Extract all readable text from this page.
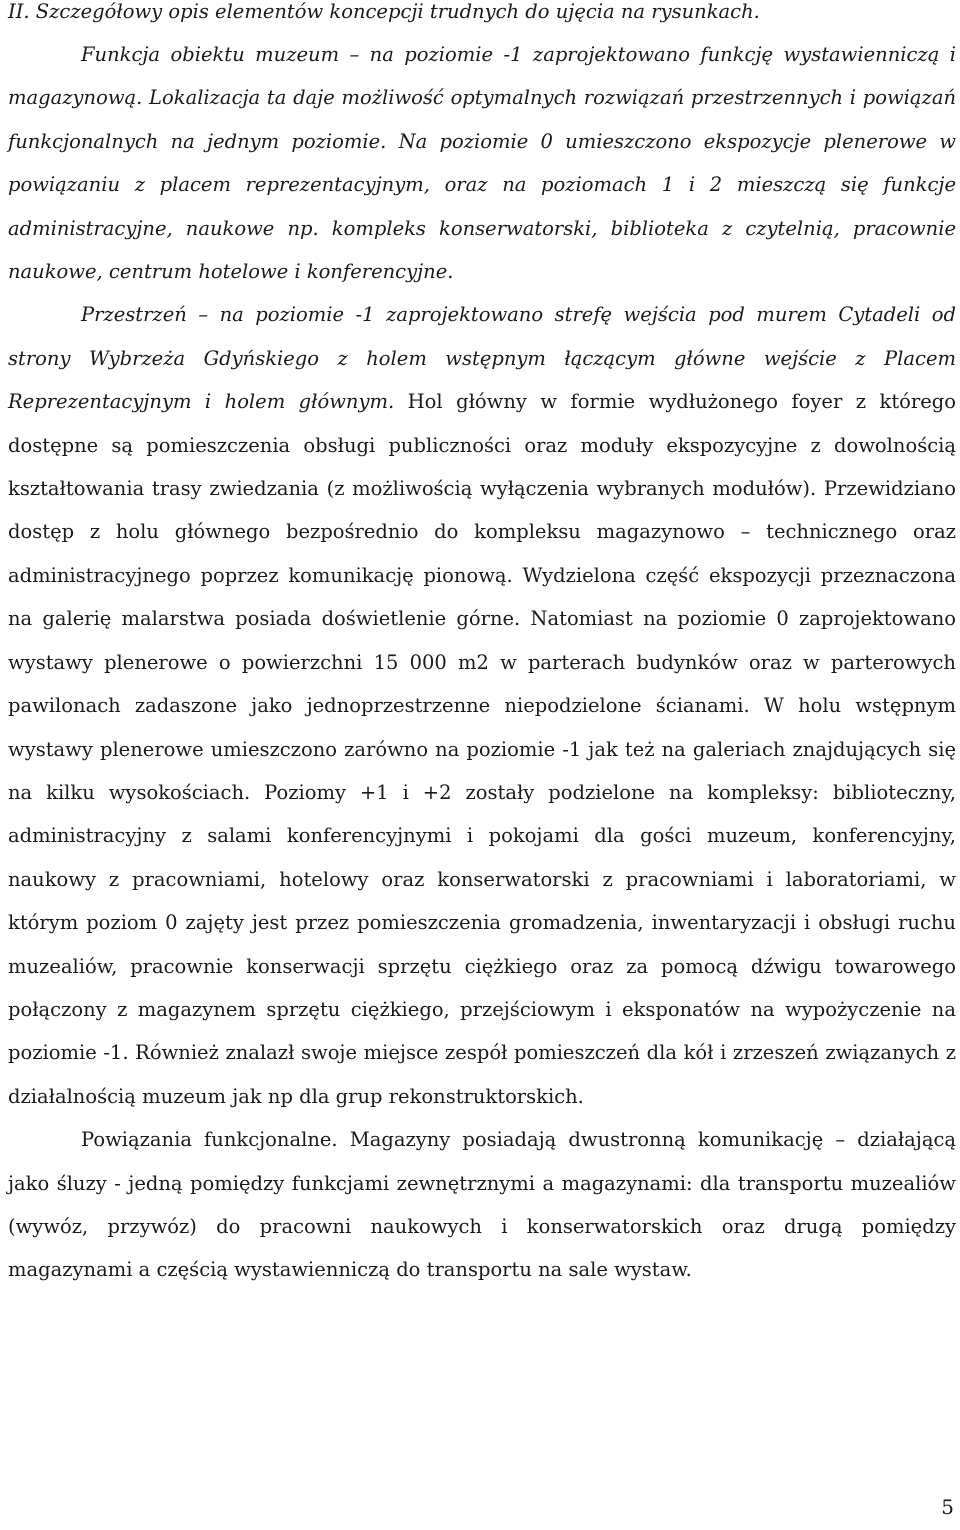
II. Szczegółowy opis elementów koncepcji trudnych do ujęcia na rysunkach.

Funkcja obiektu muzeum – na poziomie -1 zaprojektowano funkcję wystawienniczą i magazynową. Lokalizacja ta daje możliwość optymalnych rozwiązań przestrzennych i powiązań funkcjonalnych na jednym poziomie. Na poziomie 0 umieszczono ekspozycje plenerowe w powiązaniu z placem reprezentacyjnym, oraz na poziomach 1 i 2 mieszczą się funkcje administracyjne, naukowe np. kompleks konserwatorski, biblioteka z czytelnią, pracownie naukowe, centrum hotelowe i konferencyjne.

Przestrzeń – na poziomie -1 zaprojektowano strefę wejścia pod murem Cytadeli od strony Wybrzeża Gdyńskiego z holem wstępnym łączącym główne wejście z Placem Reprezentacyjnym i holem głównym. Hol główny w formie wydłużonego foyer z którego dostępne są pomieszczenia obsługi publiczności oraz moduły ekspozycyjne z dowolnością kształtowania trasy zwiedzania (z możliwością wyłączenia wybranych modułów). Przewidziano dostęp z holu głównego bezpośrednio do kompleksu magazynowo – technicznego oraz administracyjnego poprzez komunikację pionową. Wydzielona część ekspozycji przeznaczona na galerię malarstwa posiada doświetlenie górne. Natomiast na poziomie 0 zaprojektowano wystawy plenerowe o powierzchni 15 000 m2 w parterach budynków oraz w parterowych pawilonach zadaszone jako jednoprzestrzenne niepodzielone ścianami. W holu wstępnym wystawy plenerowe umieszczono zarówno na poziomie -1 jak też na galeriach znajdujących się na kilku wysokościach. Poziomy +1 i +2 zostały podzielone na kompleksy: biblioteczny, administracyjny z salami konferencyjnymi i pokojami dla gości muzeum, konferencyjny, naukowy z pracowniami, hotelowy oraz konserwatorski z pracowniami i laboratoriami, w którym poziom 0 zajęty jest przez pomieszczenia gromadzenia, inwentaryzacji i obsługi ruchu muzealiów, pracownie konserwacji sprzętu ciężkiego oraz za pomocą dźwigu towarowego połączony z magazynem sprzętu ciężkiego, przejściowym i eksponatów na wypożyczenie na poziomie -1. Również znalazł swoje miejsce zespół pomieszczeń dla kół i zrzeszeń związanych z działalnością muzeum jak np dla grup rekonstruktorskich.

Powiązania funkcjonalne. Magazyny posiadają dwustronną komunikację – działającą jako śluzy - jedną pomiędzy funkcjami zewnętrznymi a magazynami: dla transportu muzealiów (wywóz, przywóz) do pracowni naukowych i konserwatorskich oraz drugą pomiędzy magazynami a częścią wystawienniczą do transportu na sale wystaw.

5
